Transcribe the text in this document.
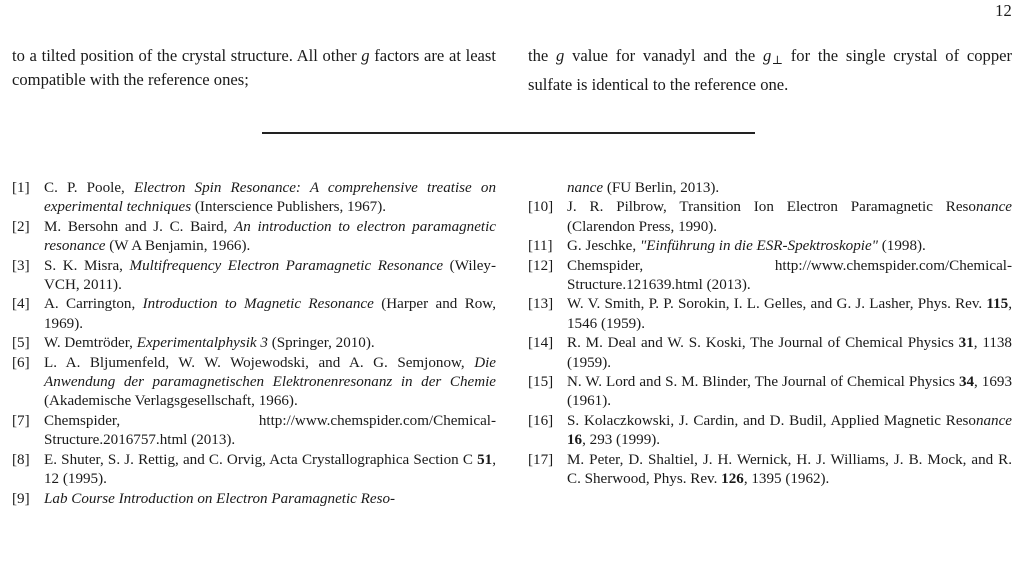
12

to a tilted position of the crystal structure. All other g factors are at least compatible with the reference ones;

the g value for vanadyl and the $g_\perp$ for the single crystal of copper sulfate is identical to the reference one.

[1] C. P. Poole, Electron Spin Resonance: A comprehensive treatise on experimental techniques (Interscience Publishers, 1967).
[2] M. Bersohn and J. C. Baird, An introduction to electron paramagnetic resonance (W A Benjamin, 1966).
[3] S. K. Misra, Multifrequency Electron Paramagnetic Resonance (Wiley-VCH, 2011).
[4] A. Carrington, Introduction to Magnetic Resonance (Harper and Row, 1969).
[5] W. Demtröder, Experimentalphysik 3 (Springer, 2010).
[6] L. A. Bljumenfeld, W. W. Wojewodski, and A. G. Semjonow, Die Anwendung der paramagnetischen Elektronenresonanz in der Chemie (Akademische Verlagsgesellschaft, 1966).
[7] Chemspider, http://www.chemspider.com/Chemical-Structure.2016757.html (2013).
[8] E. Shuter, S. J. Rettig, and C. Orvig, Acta Crystallographica Section C 51, 12 (1995).
[9] Lab Course Introduction on Electron Paramagnetic Reso-
nance (FU Berlin, 2013).
[10] J. R. Pilbrow, Transition Ion Electron Paramagnetic Resonance (Clarendon Press, 1990).
[11] G. Jeschke, "Einführung in die ESR-Spektroskopie" (1998).
[12] Chemspider, http://www.chemspider.com/Chemical-Structure.121639.html (2013).
[13] W. V. Smith, P. P. Sorokin, I. L. Gelles, and G. J. Lasher, Phys. Rev. 115, 1546 (1959).
[14] R. M. Deal and W. S. Koski, The Journal of Chemical Physics 31, 1138 (1959).
[15] N. W. Lord and S. M. Blinder, The Journal of Chemical Physics 34, 1693 (1961).
[16] S. Kolaczkowski, J. Cardin, and D. Budil, Applied Magnetic Resonance 16, 293 (1999).
[17] M. Peter, D. Shaltiel, J. H. Wernick, H. J. Williams, J. B. Mock, and R. C. Sherwood, Phys. Rev. 126, 1395 (1962).
